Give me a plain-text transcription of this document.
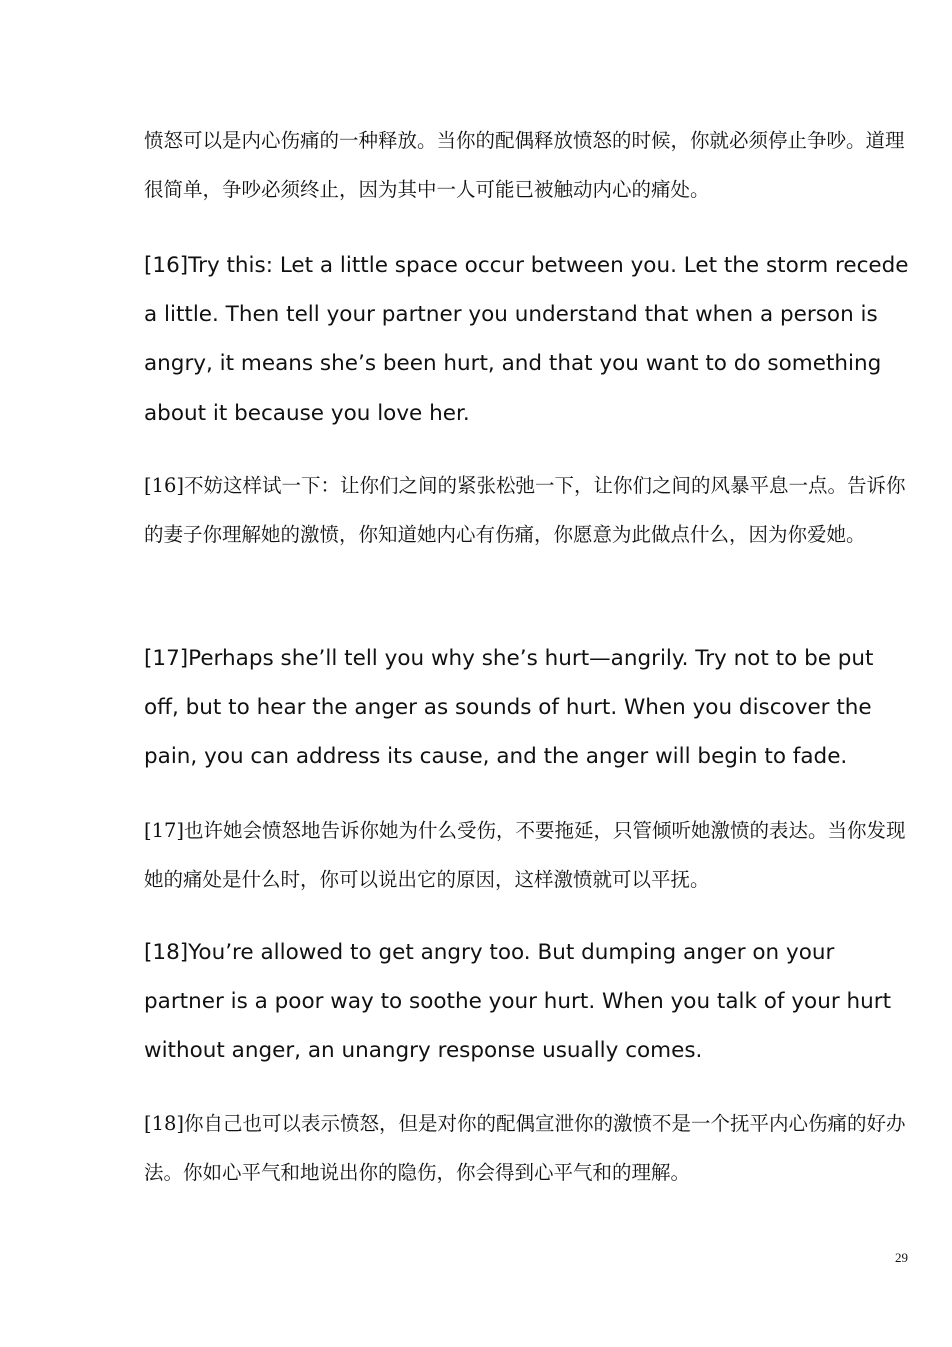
愤怒可以是内心伤痛的一种释放。当你的配偶释放愤怒的时候，你就必须停止争吵。道理很简单，争吵必须终止，因为其中一人可能已被触动内心的痛处。

[16]Try this: Let a little space occur between you. Let the storm recede a little. Then tell your partner you understand that when a person is angry, it means she’s been hurt, and that you want to do something about it because you love her.

[16]不妨这样试一下：让你们之间的紧张松弛一下，让你们之间的风暴平息一点。告诉你的妻子你理解她的激愤，你知道她内心有伤痛，你愿意为此做点什么，因为你爱她。

[17]Perhaps she’ll tell you why she’s hurt—angrily. Try not to be put off, but to hear the anger as sounds of hurt. When you discover the pain, you can address its cause, and the anger will begin to fade.

[17]也许她会愤怒地告诉你她为什么受伤，不要拖延，只管倾听她激愤的表达。当你发现她的痛处是什么时，你可以说出它的原因，这样激愤就可以平抚。

[18]You’re allowed to get angry too. But dumping anger on your partner is a poor way to soothe your hurt. When you talk of your hurt without anger, an unangry response usually comes.

[18]你自己也可以表示愤怒，但是对你的配偶宣泄你的激愤不是一个抚平内心伤痛的好办法。你如心平气和地说出你的隐伤，你会得到心平气和的理解。

29
